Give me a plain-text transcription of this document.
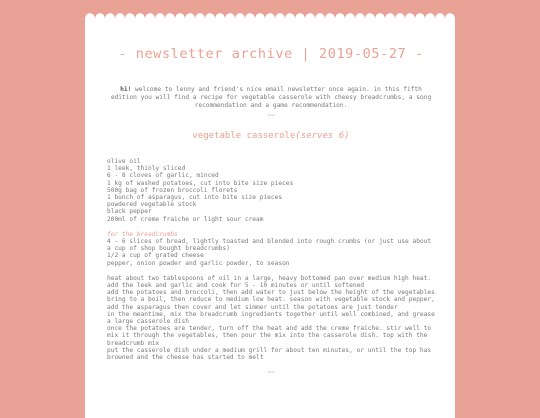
- newsletter archive | 2019-05-27 -

hi! welcome to lenny and friend's nice email newsletter once again. in this fifth edition you will find a recipe for vegetable casserole with cheesy breadcrumbs, a song recommendation and a game recommendation.

~~
vegetable casserole(serves 6)
olive oil
1 leek, thinly sliced
6 - 8 cloves of garlic, minced
1 kg of washed potatoes, cut into bite size pieces
500g bag of frozen broccoli florets
1 bunch of asparagus, cut into bite size pieces
powdered vegetable stock
black pepper
200ml of creme fraiche or light sour cream
for the breadcrumbs
4 - 6 slices of bread, lightly toasted and blended into rough crumbs (or just use about a cup of shop bought breadcrumbs)
1/2 a cup of grated cheese
pepper, onion powder and garlic powder, to season
heat about two tablespoons of oil in a large, heavy bottomed pan over medium high heat. add the leek and garlic and cook for 5 - 10 minutes or until softened
add the potatoes and broccoli, then add water to just below the height of the vegetables
bring to a boil, then reduce to medium low heat. season with vegetable stock and pepper, add the asparagus then cover and let simmer until the potatoes are just tender
in the meantime, mix the breadcrumb ingredients together until well combined, and grease a large casserole dish
once the potatoes are tender, turn off the heat and add the creme fraiche. stir well to mix it through the vegetables, then pour the mix into the casserole dish. top with the breadcrumb mix
put the casserole dish under a medium grill for about ten minutes, or until the top has browned and the cheese has started to melt
~~
